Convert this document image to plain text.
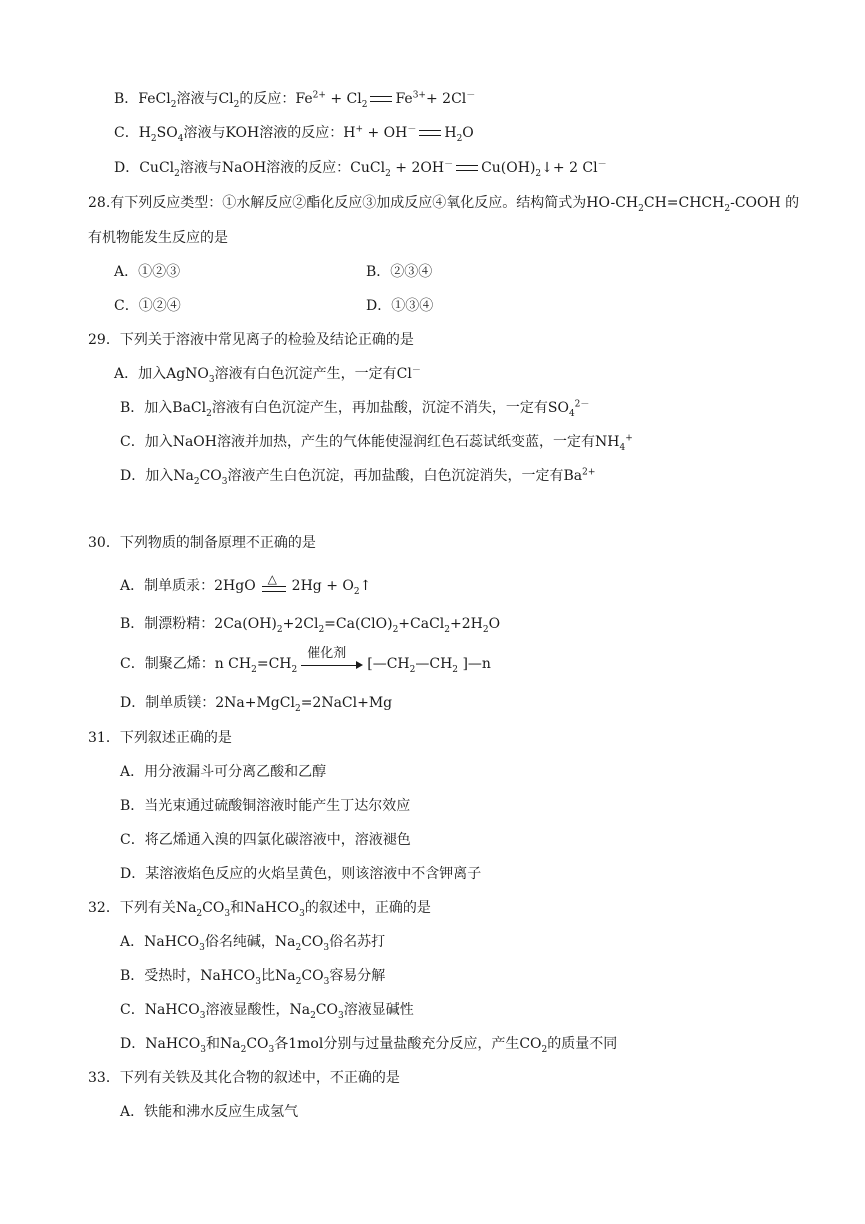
B．FeCl$_2$溶液与$Cl_2$的反应：$Fe^{2+} + Cl_2$ $Fe^{3+}+ 2Cl^-$
C．$H_2SO_4$溶液与KOH溶液的反应：H+ + OH－ $H_2O$
D．CuCl$_2$溶液与NaOH溶液的反应：CuCl$_2$ + 2OH－ $Cu(OH)_2↓+ 2$ Cl－
28.有下列反应类型：①水解反应②酯化反应③加成反应④氧化反应。结构简式为$HO-CH_2CH=CHCH_2$-COOH 的
有机物能发生反应的是
A．①②③	B．②③④
C．①②④	D．①③④
29．下列关于溶液中常见离子的检验及结论正确的是
A．加入AgNO$_3$溶液有白色沉淀产生，一定有Cl－
B．加入BaCl$_2$溶液有白色沉淀产生，再加盐酸，沉淀不消失，一定有$SO_4^{2-}$
C．加入NaOH溶液并加热，产生的气体能使湿润红色石蕊试纸变蓝，一定有$NH_4^+$
D．加入$Na_2CO_3$溶液产生白色沉淀，再加盐酸，白色沉淀消失，一定有$Ba^{2+}$
30．下列物质的制备原理不正确的是
A．制单质汞：2HgO △ $2Hg + O_2↑$
B．制漂粉精：$2Ca(OH)_2+2Cl_2=Ca(ClO)_2+CaCl_2+2H_2O$
C．制聚乙烯：n $CH_2=CH_2$
催化剂
[$—CH_2—CH_2$ ]—n
D．制单质镁：2Na+MgCl$_2$=2NaCl+Mg
31．下列叙述正确的是
A．用分液漏斗可分离乙酸和乙醇
B．当光束通过硫酸铜溶液时能产生丁达尔效应
C．将乙烯通入溴的四氯化碳溶液中，溶液褪色
D．某溶液焰色反应的火焰呈黄色，则该溶液中不含钾离子
32．下列有关$Na_2CO_3$和NaHCO$_3$的叙述中，正确的是
A．NaHCO$_3$俗名纯碱，$Na_2CO_3$俗名苏打
B．受热时，NaHCO$_3$比$Na_2CO_3$容易分解
C．NaHCO$_3$溶液显酸性，$Na_2CO_3$溶液显碱性
D．NaHCO$_3$和$Na_2CO_3$各1mol分别与过量盐酸充分反应，产生$CO_2$的质量不同
33．下列有关铁及其化合物的叙述中，不正确的是
A．铁能和沸水反应生成氢气
